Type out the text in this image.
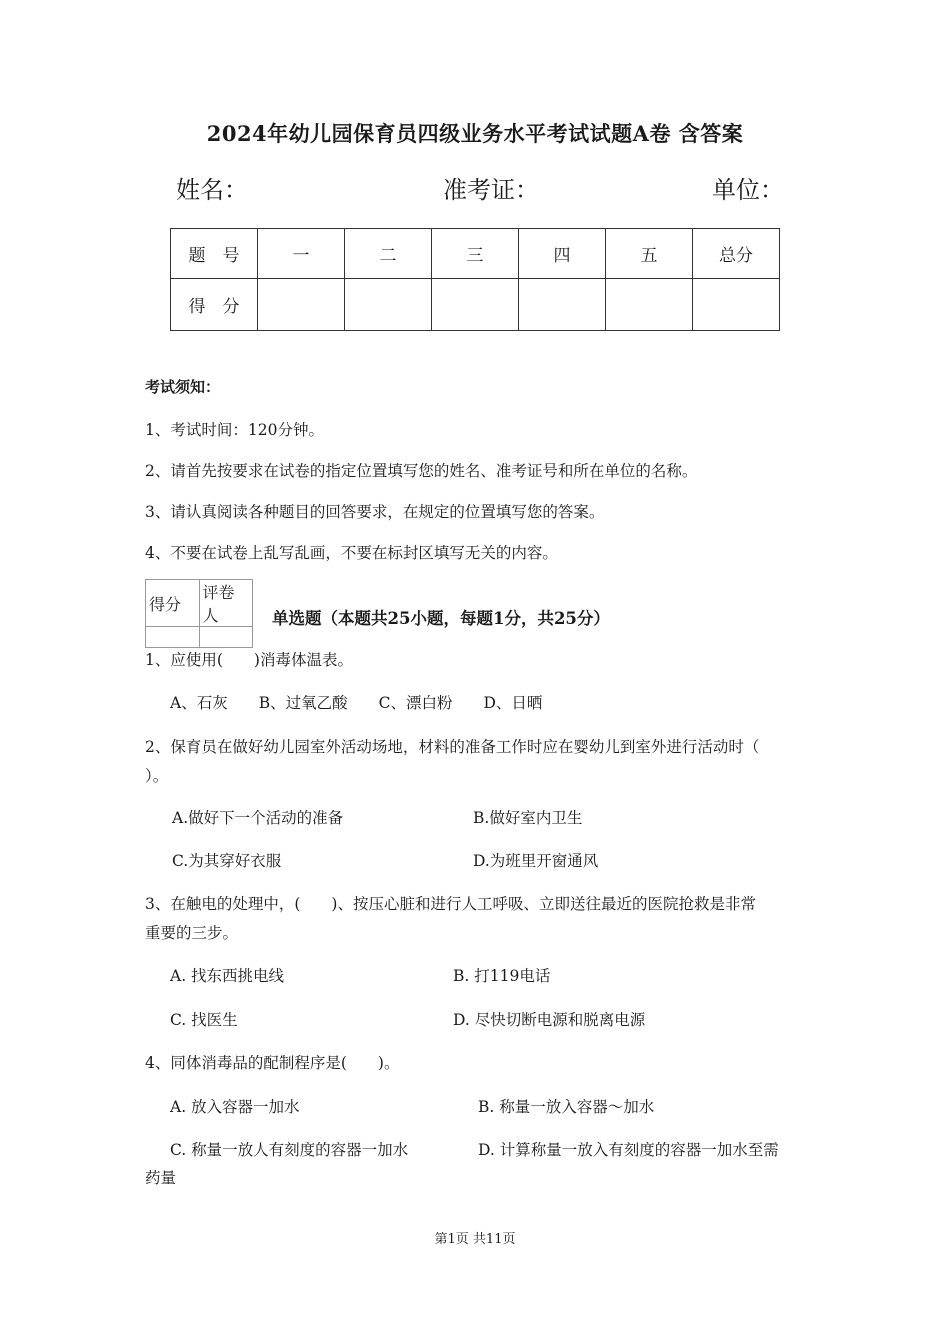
2024年幼儿园保育员四级业务水平考试试题A卷 含答案
姓名：	准考证：	单位：
题　号	一	二	三	四	五	总分
得　分						
考试须知：
1、考试时间：120分钟。
2、请首先按要求在试卷的指定位置填写您的姓名、准考证号和所在单位的名称。
3、请认真阅读各种题目的回答要求，在规定的位置填写您的答案。
4、不要在试卷上乱写乱画，不要在标封区填写无关的内容。
得分	评卷人
		单选题（本题共25小题，每题1分，共25分）
1、应使用(　　)消毒体温表。
A、石灰　　B、过氧乙酸　　C、漂白粉　　D、日晒
2、保育员在做好幼儿园室外活动场地，材料的准备工作时应在婴幼儿到室外进行活动时（
）。
A.做好下一个活动的准备	B.做好室内卫生
C.为其穿好衣服	D.为班里开窗通风
3、在触电的处理中，(　　)、按压心脏和进行人工呼吸、立即送往最近的医院抢救是非常
重要的三步。
A. 找东西挑电线	B. 打119电话
C. 找医生	D. 尽快切断电源和脱离电源
4、同体消毒品的配制程序是(　　)。
A. 放入容器一加水	B. 称量一放入容器～加水
C. 称量一放人有刻度的容器一加水	D. 计算称量一放入有刻度的容器一加水至需
药量
第1页 共11页
